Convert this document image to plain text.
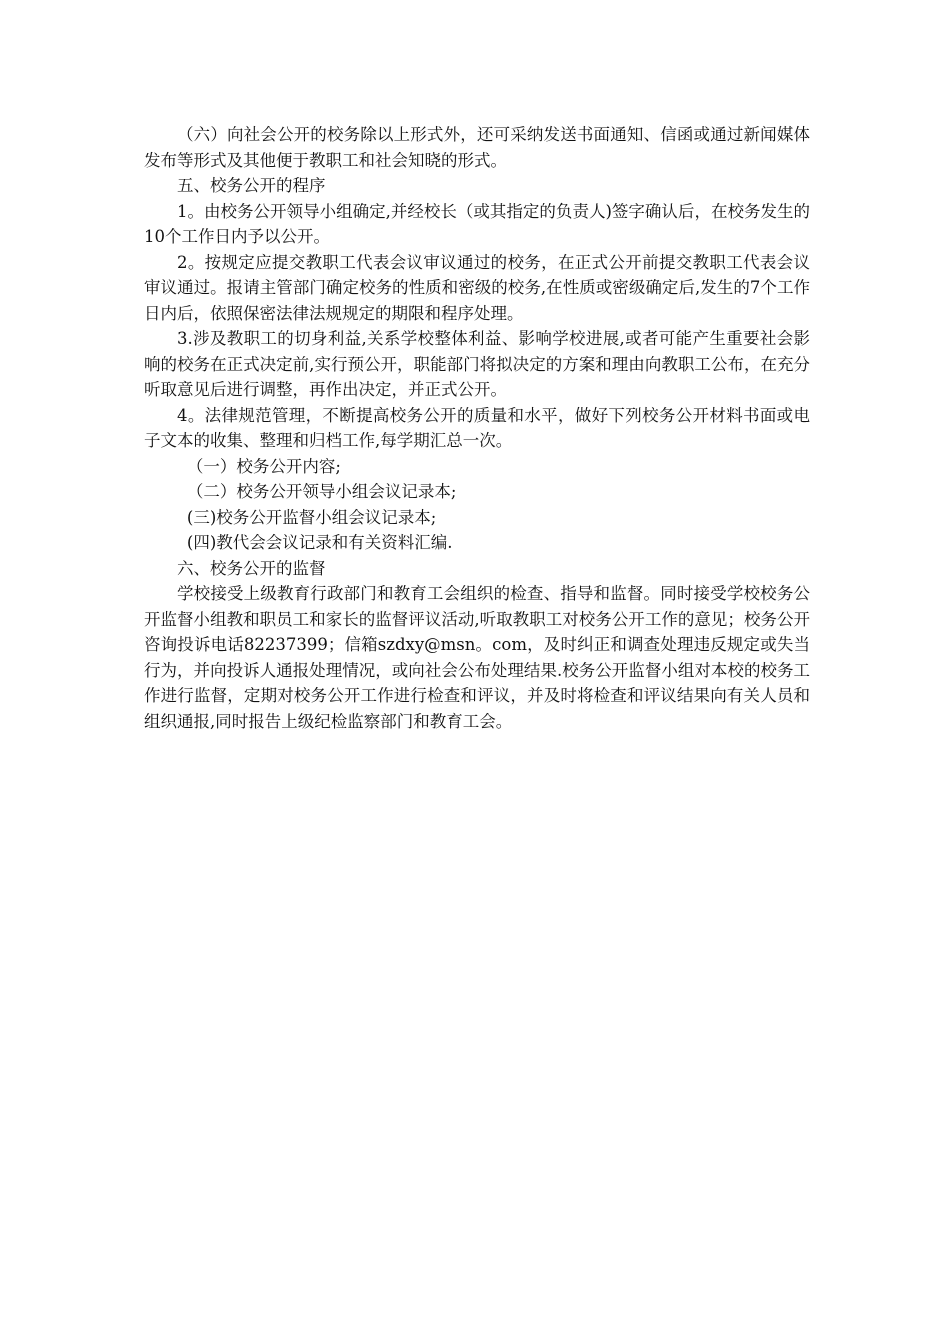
（六）向社会公开的校务除以上形式外，还可采纳发送书面通知、信函或通过新闻媒体发布等形式及其他便于教职工和社会知晓的形式。

五、校务公开的程序

1。由校务公开领导小组确定,并经校长（或其指定的负责人)签字确认后，在校务发生的10个工作日内予以公开。

2。按规定应提交教职工代表会议审议通过的校务，在正式公开前提交教职工代表会议审议通过。报请主管部门确定校务的性质和密级的校务,在性质或密级确定后,发生的7个工作日内后，依照保密法律法规规定的期限和程序处理。

3.涉及教职工的切身利益,关系学校整体利益、影响学校进展,或者可能产生重要社会影响的校务在正式决定前,实行预公开，职能部门将拟决定的方案和理由向教职工公布，在充分听取意见后进行调整，再作出决定，并正式公开。

4。法律规范管理，不断提高校务公开的质量和水平，做好下列校务公开材料书面或电子文本的收集、整理和归档工作,每学期汇总一次。

（一）校务公开内容;

（二）校务公开领导小组会议记录本;

(三)校务公开监督小组会议记录本;

(四)教代会会议记录和有关资料汇编.

六、校务公开的监督

学校接受上级教育行政部门和教育工会组织的检查、指导和监督。同时接受学校校务公开监督小组教和职员工和家长的监督评议活动,听取教职工对校务公开工作的意见；校务公开咨询投诉电话82237399；信箱szdxy@msn。com，及时纠正和调查处理违反规定或失当行为，并向投诉人通报处理情况，或向社会公布处理结果.校务公开监督小组对本校的校务工作进行监督，定期对校务公开工作进行检查和评议，并及时将检查和评议结果向有关人员和组织通报,同时报告上级纪检监察部门和教育工会。
